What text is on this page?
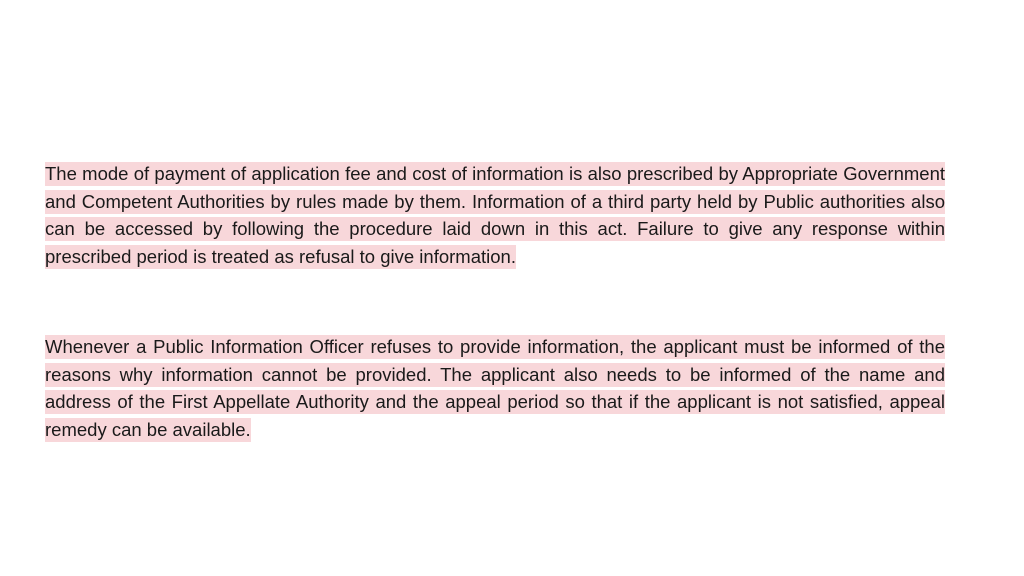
The mode of payment of application fee and cost of information is also prescribed by Appropriate Government and Competent Authorities by rules made by them. Information of a third party held by Public authorities also can be accessed by following the procedure laid down in this act. Failure to give any response within prescribed period is treated as refusal to give information.

Whenever a Public Information Officer refuses to provide information, the applicant must be informed of the reasons why information cannot be provided. The applicant also needs to be informed of the name and address of the First Appellate Authority and the appeal period so that if the applicant is not satisfied, appeal remedy can be available.
